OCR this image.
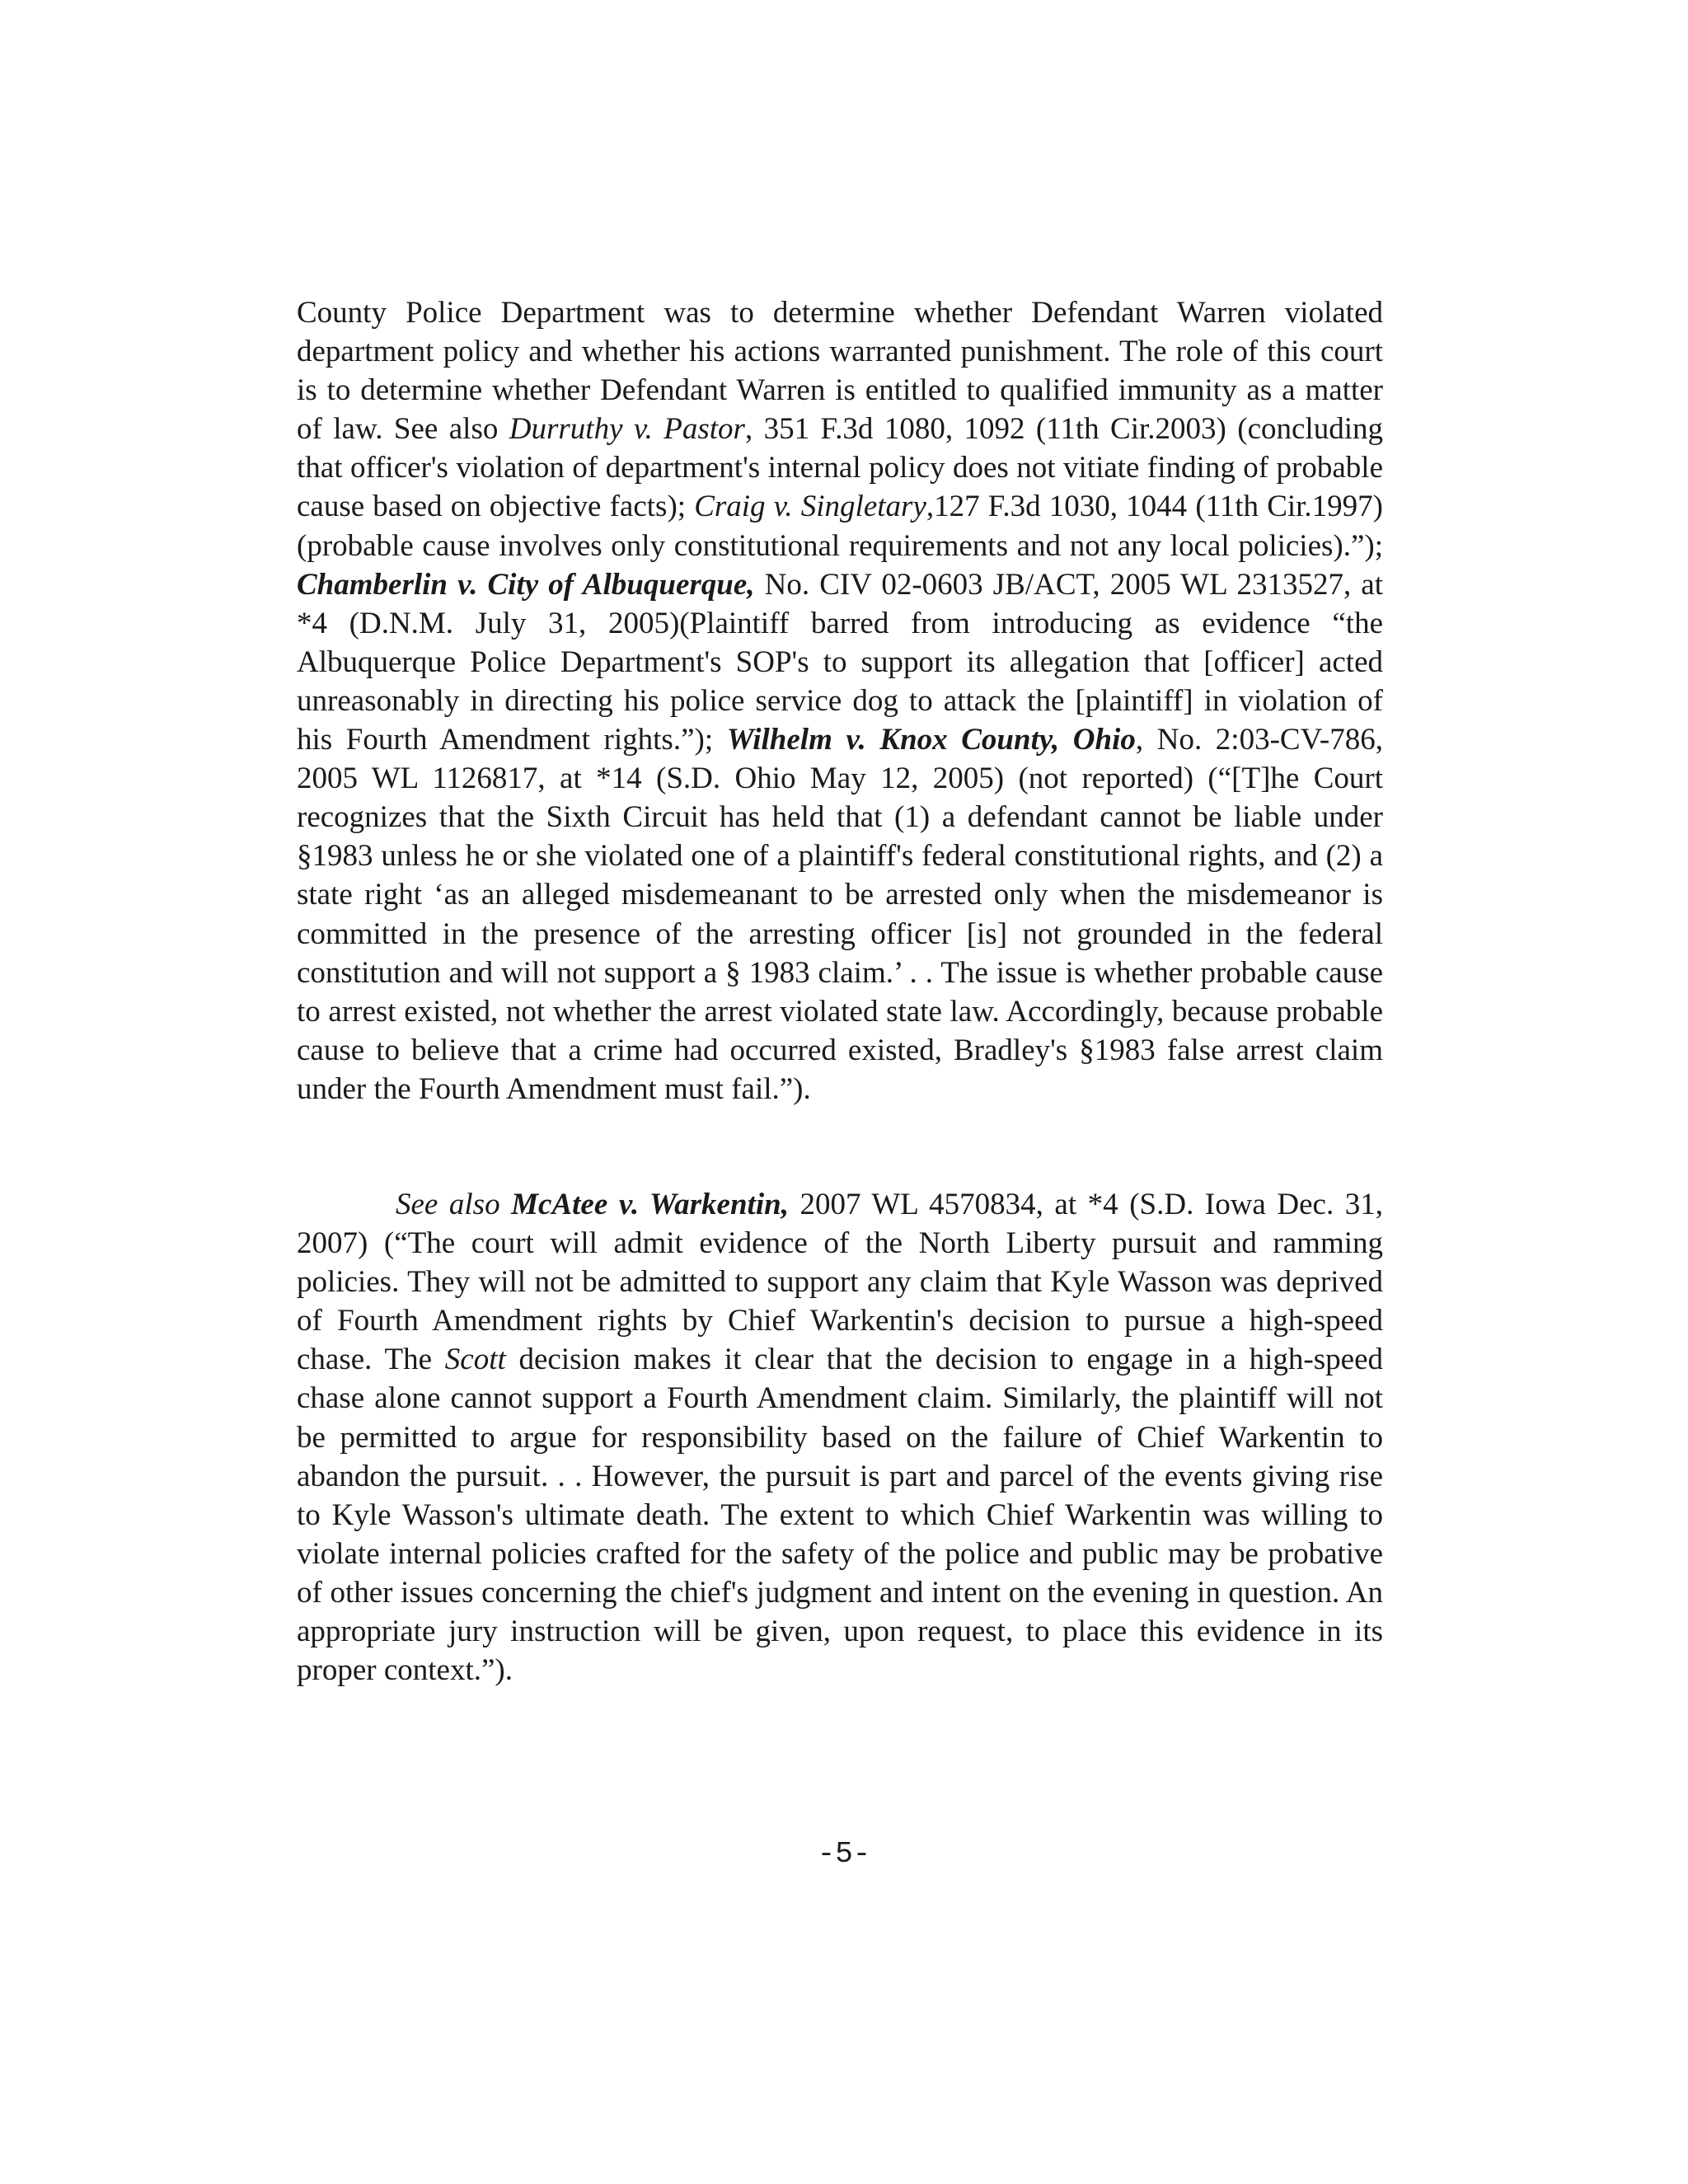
County Police Department was to determine whether Defendant Warren violated department policy and whether his actions warranted punishment. The role of this court is to determine whether Defendant Warren is entitled to qualified immunity as a matter of law. See also Durruthy v. Pastor, 351 F.3d 1080, 1092 (11th Cir.2003) (concluding that officer's violation of department's internal policy does not vitiate finding of probable cause based on objective facts); Craig v. Singletary,127 F.3d 1030, 1044 (11th Cir.1997) (probable cause involves only constitutional requirements and not any local policies).”); Chamberlin v. City of Albuquerque, No. CIV 02-0603 JB/ACT, 2005 WL 2313527, at *4 (D.N.M. July 31, 2005)(Plaintiff barred from introducing as evidence “the Albuquerque Police Department's SOP's to support its allegation that [officer] acted unreasonably in directing his police service dog to attack the [plaintiff] in violation of his Fourth Amendment rights.”); Wilhelm v. Knox County, Ohio, No. 2:03-CV-786, 2005 WL 1126817, at *14 (S.D. Ohio May 12, 2005) (not reported) (“[T]he Court recognizes that the Sixth Circuit has held that (1) a defendant cannot be liable under §1983 unless he or she violated one of a plaintiff's federal constitutional rights, and (2) a state right ‘as an alleged misdemeanant to be arrested only when the misdemeanor is committed in the presence of the arresting officer [is] not grounded in the federal constitution and will not support a § 1983 claim.’ . . The issue is whether probable cause to arrest existed, not whether the arrest violated state law. Accordingly, because probable cause to believe that a crime had occurred existed, Bradley's §1983 false arrest claim under the Fourth Amendment must fail.”).

See also McAtee v. Warkentin, 2007 WL 4570834, at *4 (S.D. Iowa Dec. 31, 2007) (“The court will admit evidence of the North Liberty pursuit and ramming policies. They will not be admitted to support any claim that Kyle Wasson was deprived of Fourth Amendment rights by Chief Warkentin's decision to pursue a high-speed chase. The Scott decision makes it clear that the decision to engage in a high-speed chase alone cannot support a Fourth Amendment claim. Similarly, the plaintiff will not be permitted to argue for responsibility based on the failure of Chief Warkentin to abandon the pursuit. . . However, the pursuit is part and parcel of the events giving rise to Kyle Wasson's ultimate death. The extent to which Chief Warkentin was willing to violate internal policies crafted for the safety of the police and public may be probative of other issues concerning the chief's judgment and intent on the evening in question. An appropriate jury instruction will be given, upon request, to place this evidence in its proper context.”).

-5-
